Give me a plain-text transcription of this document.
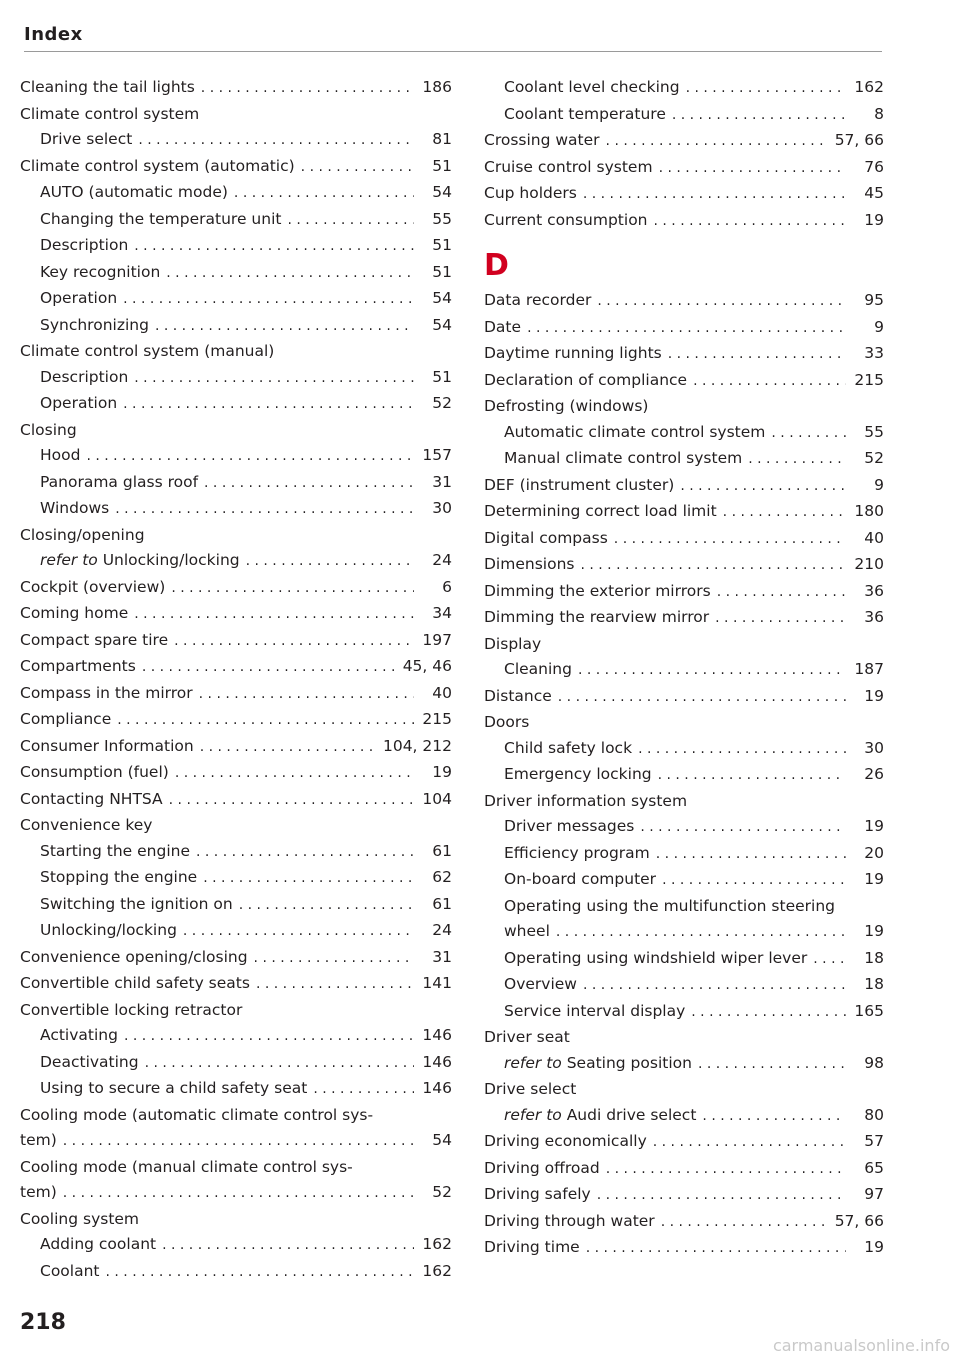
Index
Cleaning the tail lights . . .	186
Climate control system
Drive select . . .	81
Climate control system (automatic) . . .	51
AUTO (automatic mode) . . .	54
Changing the temperature unit . . .	55
Description . . .	51
Key recognition . . .	51
Operation . . .	54
Synchronizing . . .	54
Climate control system (manual)
Description . . .	51
Operation . . .	52
Closing
Hood . . .	157
Panorama glass roof . . .	31
Windows . . .	30
Closing/opening
refer to Unlocking/locking . . .	24
Cockpit (overview) . . .	6
Coming home . . .	34
Compact spare tire . . .	197
Compartments . . .	45, 46
Compass in the mirror . . .	40
Compliance . . .	215
Consumer Information . . .	104, 212
Consumption (fuel) . . .	19
Contacting NHTSA . . .	104
Convenience key
Starting the engine . . .	61
Stopping the engine . . .	62
Switching the ignition on . . .	61
Unlocking/locking . . .	24
Convenience opening/closing . . .	31
Convertible child safety seats . . .	141
Convertible locking retractor
Activating . . .	146
Deactivating . . .	146
Using to secure a child safety seat . . .	146
Cooling mode (automatic climate control sys-
tem) . . .	54
Cooling mode (manual climate control sys-
tem) . . .	52
Cooling system
Adding coolant . . .	162
Coolant . . .	162
Coolant level checking . . .	162
Coolant temperature . . .	8
Crossing water . . .	57, 66
Cruise control system . . .	76
Cup holders . . .	45
Current consumption . . .	19
D
Data recorder . . .	95
Date . . .	9
Daytime running lights . . .	33
Declaration of compliance . . .	215
Defrosting (windows)
Automatic climate control system . . .	55
Manual climate control system . . .	52
DEF (instrument cluster) . . .	9
Determining correct load limit . . .	180
Digital compass . . .	40
Dimensions . . .	210
Dimming the exterior mirrors . . .	36
Dimming the rearview mirror . . .	36
Display
Cleaning . . .	187
Distance . . .	19
Doors
Child safety lock . . .	30
Emergency locking . . .	26
Driver information system
Driver messages . . .	19
Efficiency program . . .	20
On-board computer . . .	19
Operating using the multifunction steering
wheel . . .	19
Operating using windshield wiper lever . . .	18
Overview . . .	18
Service interval display . . .	165
Driver seat
refer to Seating position . . .	98
Drive select
refer to Audi drive select . . .	80
Driving economically . . .	57
Driving offroad . . .	65
Driving safely . . .	97
Driving through water . . .	57, 66
Driving time . . .	19
218
carmanualsonline.info
